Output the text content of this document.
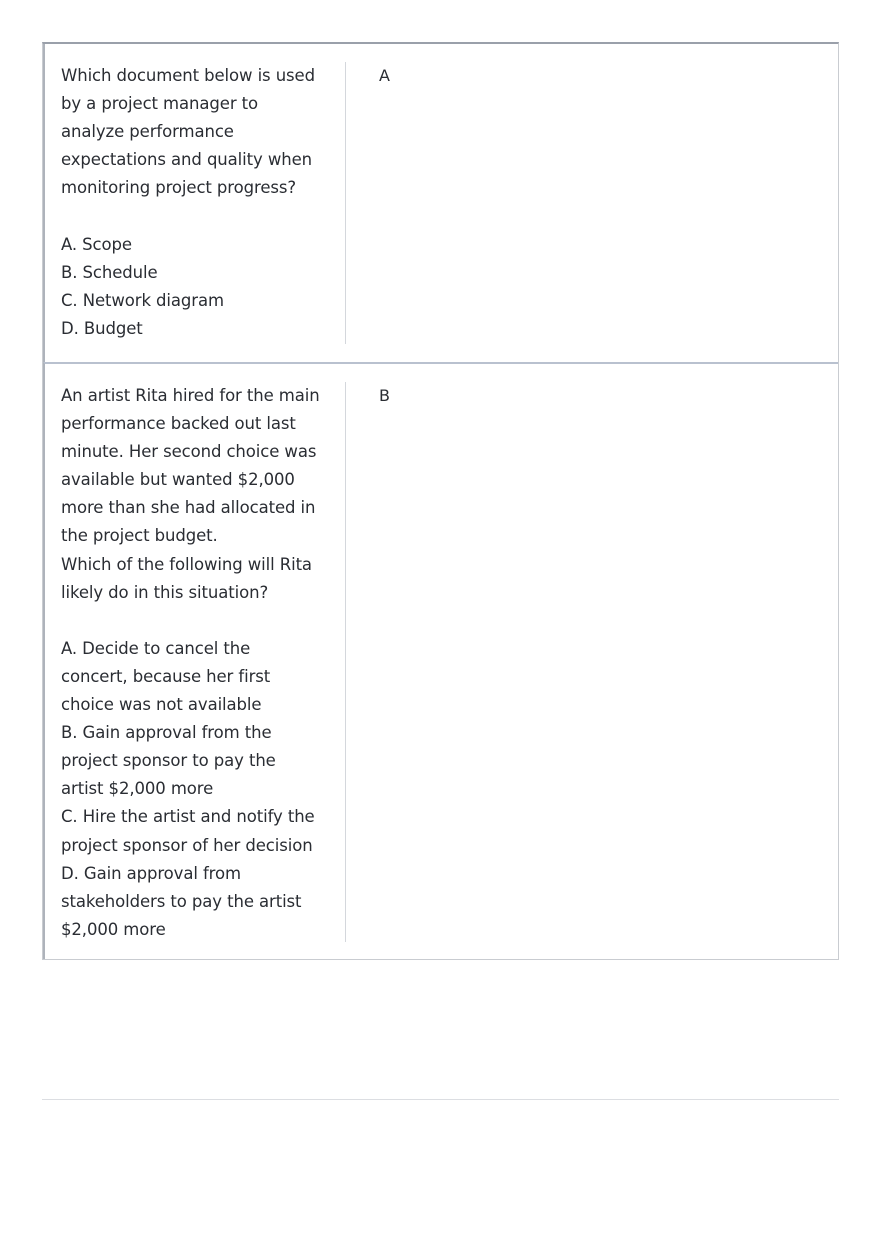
Which document below is used
by a project manager to
analyze performance
expectations and quality when
monitoring project progress?
A. Scope
B. Schedule
C. Network diagram
D. Budget
A
An artist Rita hired for the main
performance backed out last
minute. Her second choice was
available but wanted $2,000
more than she had allocated in
the project budget.
Which of the following will Rita
likely do in this situation?
A. Decide to cancel the
concert, because her first
choice was not available
B. Gain approval from the
project sponsor to pay the
artist $2,000 more
C. Hire the artist and notify the
project sponsor of her decision
D. Gain approval from
stakeholders to pay the artist
$2,000 more
B
